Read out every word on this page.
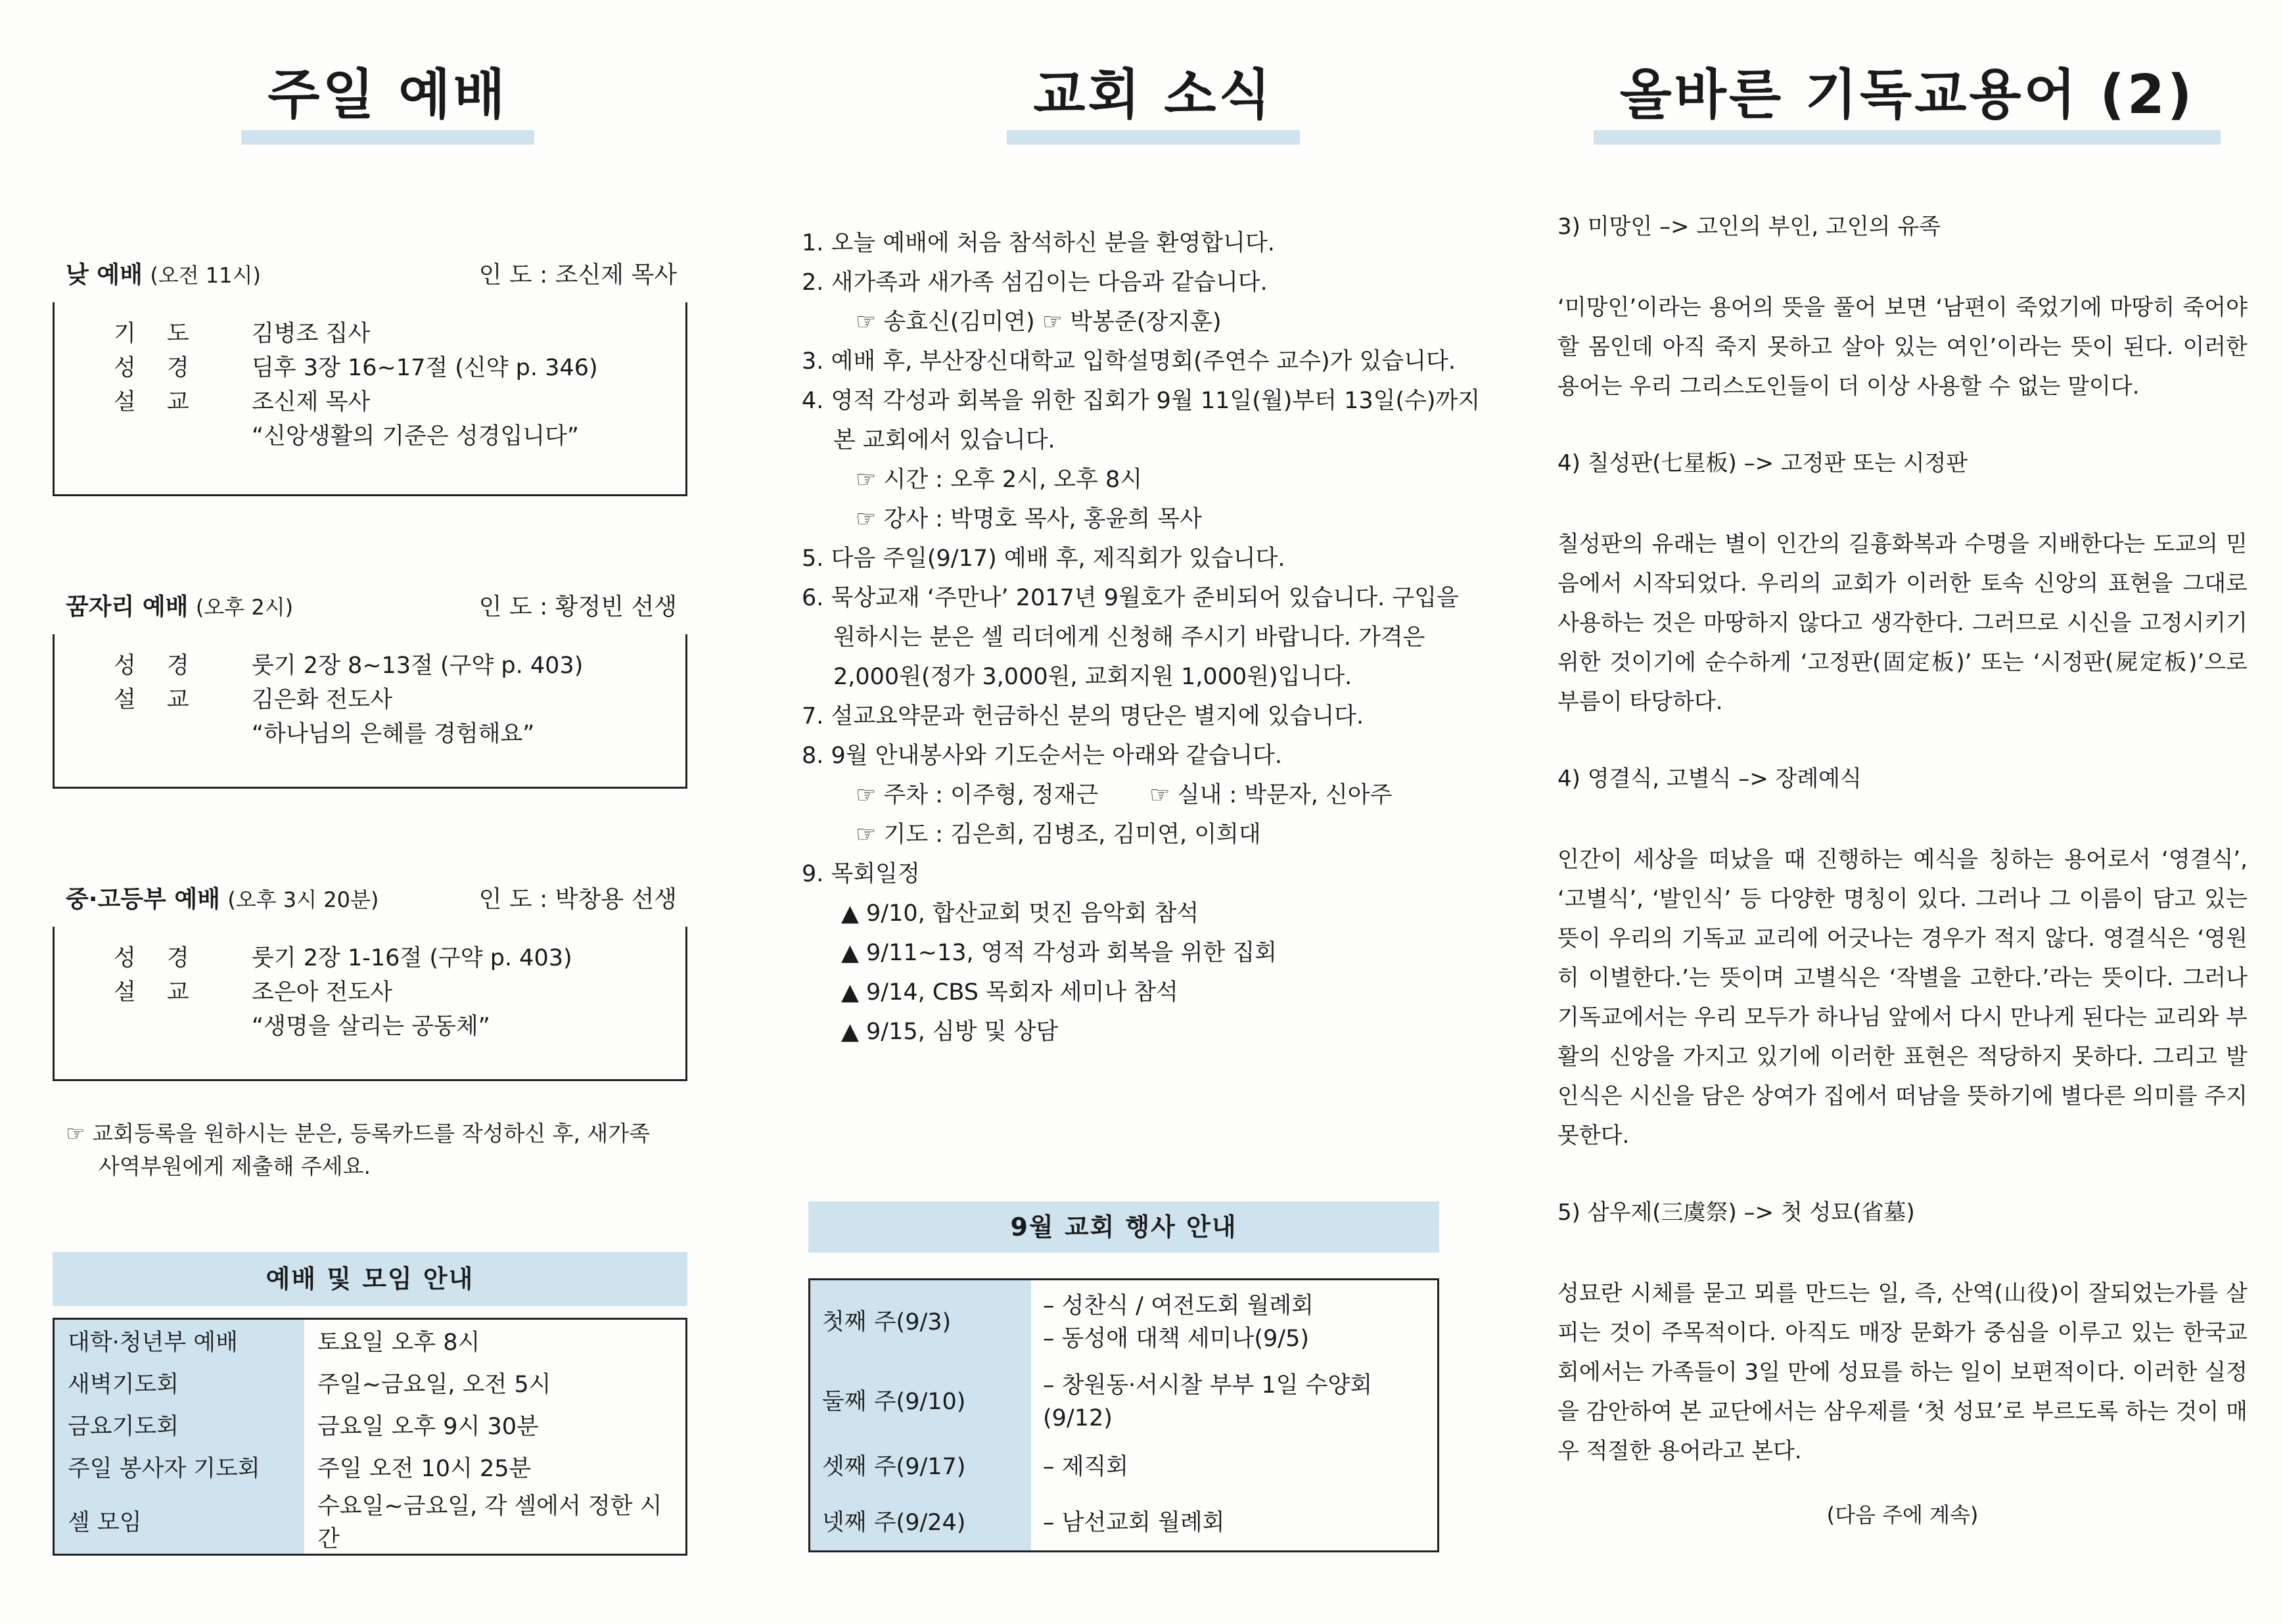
주일 예배
낮 예배 (오전 11시)	인 도 : 조신제 목사
기 도	김병조 집사
성 경	딤후 3장 16~17절 (신약 p. 346)
설 교	조신제 목사
“신앙생활의 기준은 성경입니다”
꿈자리 예배 (오후 2시)	인 도 : 황정빈 선생
성 경	룻기 2장 8~13절 (구약 p. 403)
설 교	김은화 전도사
“하나님의 은혜를 경험해요”
중·고등부 예배 (오후 3시 20분)	인 도 : 박창용 선생
성 경	룻기 2장 1-16절 (구약 p. 403)
설 교	조은아 전도사
“생명을 살리는 공동체”
☞ 교회등록을 원하시는 분은, 등록카드를 작성하신 후, 새가족
사역부원에게 제출해 주세요.
예배 및 모임 안내
대학·청년부 예배	토요일 오후 8시
새벽기도회	주일~금요일, 오전 5시
금요기도회	금요일 오후 9시 30분
주일 봉사자 기도회	주일 오전 10시 25분
셀 모임	수요일~금요일, 각 셀에서 정한 시간
교회 소식
1. 오늘 예배에 처음 참석하신 분을 환영합니다.
2. 새가족과 새가족 섬김이는 다음과 같습니다.
☞ 송효신(김미연) ☞ 박봉준(장지훈)
3. 예배 후, 부산장신대학교 입학설명회(주연수 교수)가 있습니다.
4. 영적 각성과 회복을 위한 집회가 9월 11일(월)부터 13일(수)까지
본 교회에서 있습니다.
☞ 시간 : 오후 2시, 오후 8시
☞ 강사 : 박명호 목사, 홍윤희 목사
5. 다음 주일(9/17) 예배 후, 제직회가 있습니다.
6. 묵상교재 ‘주만나’ 2017년 9월호가 준비되어 있습니다. 구입을
원하시는 분은 셀 리더에게 신청해 주시기 바랍니다. 가격은
2,000원(정가 3,000원, 교회지원 1,000원)입니다.
7. 설교요약문과 헌금하신 분의 명단은 별지에 있습니다.
8. 9월 안내봉사와 기도순서는 아래와 같습니다.
☞ 주차 : 이주형, 정재근       ☞ 실내 : 박문자, 신아주
☞ 기도 : 김은희, 김병조, 김미연, 이희대
9. 목회일정
▲ 9/10, 합산교회 멋진 음악회 참석
▲ 9/11~13, 영적 각성과 회복을 위한 집회
▲ 9/14, CBS 목회자 세미나 참석
▲ 9/15, 심방 및 상담
9월 교회 행사 안내
첫째 주(9/3)	– 성찬식 / 여전도회 월례회
– 동성애 대책 세미나(9/5)

둘째 주(9/10)	– 창원동·서시찰 부부 1일 수양회(9/12)
셋째 주(9/17)	– 제직회
넷째 주(9/24)	– 남선교회 월례회
올바른 기독교용어 (2)
3) 미망인 –> 고인의 부인, 고인의 유족
‘미망인’이라는 용어의 뜻을 풀어 보면 ‘남편이 죽었기에 마땅히 죽어야 할 몸인데 아직 죽지 못하고 살아 있는 여인’이라는 뜻이 된다. 이러한 용어는 우리 그리스도인들이 더 이상 사용할 수 없는 말이다.
4) 칠성판(七星板) –> 고정판 또는 시정판
칠성판의 유래는 별이 인간의 길흉화복과 수명을 지배한다는 도교의 믿음에서 시작되었다. 우리의 교회가 이러한 토속 신앙의 표현을 그대로 사용하는 것은 마땅하지 않다고 생각한다. 그러므로 시신을 고정시키기 위한 것이기에 순수하게 ‘고정판(固定板)’ 또는 ‘시정판(屍定板)’으로 부름이 타당하다.
4) 영결식, 고별식 –> 장례예식
인간이 세상을 떠났을 때 진행하는 예식을 칭하는 용어로서 ‘영결식’, ‘고별식’, ‘발인식’ 등 다양한 명칭이 있다. 그러나 그 이름이 담고 있는 뜻이 우리의 기독교 교리에 어긋나는 경우가 적지 않다. 영결식은 ‘영원히 이별한다.’는 뜻이며 고별식은 ‘작별을 고한다.’라는 뜻이다. 그러나 기독교에서는 우리 모두가 하나님 앞에서 다시 만나게 된다는 교리와 부활의 신앙을 가지고 있기에 이러한 표현은 적당하지 못하다. 그리고 발인식은 시신을 담은 상여가 집에서 떠남을 뜻하기에 별다른 의미를 주지 못한다.
5) 삼우제(三虞祭) –> 첫 성묘(省墓)
성묘란 시체를 묻고 뫼를 만드는 일, 즉, 산역(山役)이 잘되었는가를 살피는 것이 주목적이다. 아직도 매장 문화가 중심을 이루고 있는 한국교회에서는 가족들이 3일 만에 성묘를 하는 일이 보편적이다. 이러한 실정을 감안하여 본 교단에서는 삼우제를 ‘첫 성묘’로 부르도록 하는 것이 매우 적절한 용어라고 본다.
(다음 주에 계속)
